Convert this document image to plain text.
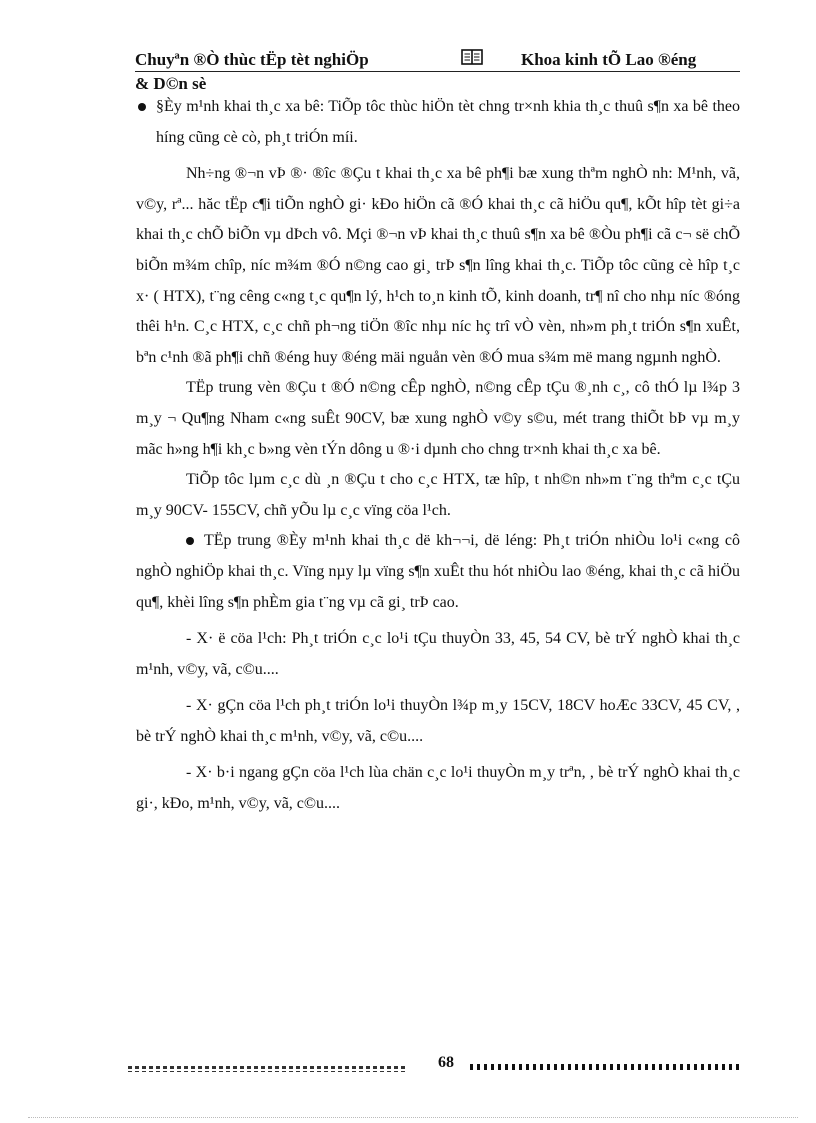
Chuyªn ®Ò thùc tËp tèt nghiÖp	Khoa kinh tÕ Lao ®éng
& D©n sè

§Èy m¹nh khai th¸c xa bê: TiÕp tôc thùc hiÖn tèt chng tr×nh khia th¸c thuû s¶n xa bê theo híng cũng cè cò, ph¸t triÓn míi.

Nh÷ng ®¬n vÞ ®· ®îc ®Çu t khai th¸c xa bê ph¶i bæ xung thªm nghÒ nh: M¹nh, vã, v©y, rª... hăc tËp c¶i tiÕn nghÒ gi· kÐo hiÖn cã ®Ó khai th¸c cã hiÖu qu¶, kÕt hîp tèt gi÷a khai th¸c chÕ biÕn vµ dÞch vô. Mçi ®¬n vÞ khai th¸c thuû s¶n xa bê ®Òu ph¶i cã c¬ së chÕ biÕn m¾m chîp, níc m¾m ®Ó n©ng cao gi¸ trÞ s¶n lîng khai th¸c. TiÕp tôc cũng cè hîp t¸c x· ( HTX), t¨ng cêng c«ng t¸c qu¶n lý, h¹ch to¸n kinh tÕ, kinh doanh, tr¶ nî cho nhµ níc ®óng thêi h¹n. C¸c HTX, c¸c chñ ph¬ng tiÖn ®îc nhµ níc hç trî vÒ vèn, nh»m ph¸t triÓn s¶n xuÊt, bªn c¹nh ®ã ph¶i chñ ®éng huy ®éng mäi nguån vèn ®Ó mua s¾m më mang ngµnh nghÒ.

TËp trung vèn ®Çu t ®Ó n©ng cÊp nghÒ, n©ng cÊp tÇu ®¸nh c¸, cô thÓ lµ l¾p 3 m¸y ¬ Qu¶ng Nham c«ng suÊt 90CV, bæ xung nghÒ v©y s©u, mét trang thiÕt bÞ vµ m¸y mãc h»ng h¶i kh¸c b»ng vèn tÝn dông u ®·i dµnh cho chng tr×nh khai th¸c xa bê.

TiÕp tôc lµm c¸c dù ¸n ®Çu t cho c¸c HTX, tæ hîp, t nh©n nh»m t¨ng thªm c¸c tÇu m¸y 90CV- 155CV, chñ yÕu lµ c¸c vïng cöa l¹ch.

TËp trung ®Èy m¹nh khai th¸c dë kh¬¬i, dë léng: Ph¸t triÓn nhiÒu lo¹i c«ng cô nghÒ nghiÖp khai th¸c. Vïng nµy lµ vïng s¶n xuÊt thu hót nhiÒu lao ®éng, khai th¸c cã hiÖu qu¶, khèi lîng s¶n phÈm gia t¨ng vµ cã gi¸ trÞ cao.

- X· ë cöa l¹ch: Ph¸t triÓn c¸c lo¹i tÇu thuyÒn 33, 45, 54 CV, bè trÝ nghÒ khai th¸c m¹nh, v©y, vã, c©u....

- X· gÇn cöa l¹ch ph¸t triÓn lo¹i thuyÒn l¾p m¸y 15CV, 18CV hoÆc 33CV, 45 CV, , bè trÝ nghÒ khai th¸c m¹nh, v©y, vã, c©u....

- X· b·i ngang gÇn cöa l¹ch lùa chän c¸c lo¹i thuyÒn m¸y trªn, , bè trÝ nghÒ khai th¸c gi·, kÐo, m¹nh, v©y, vã, c©u....

68
